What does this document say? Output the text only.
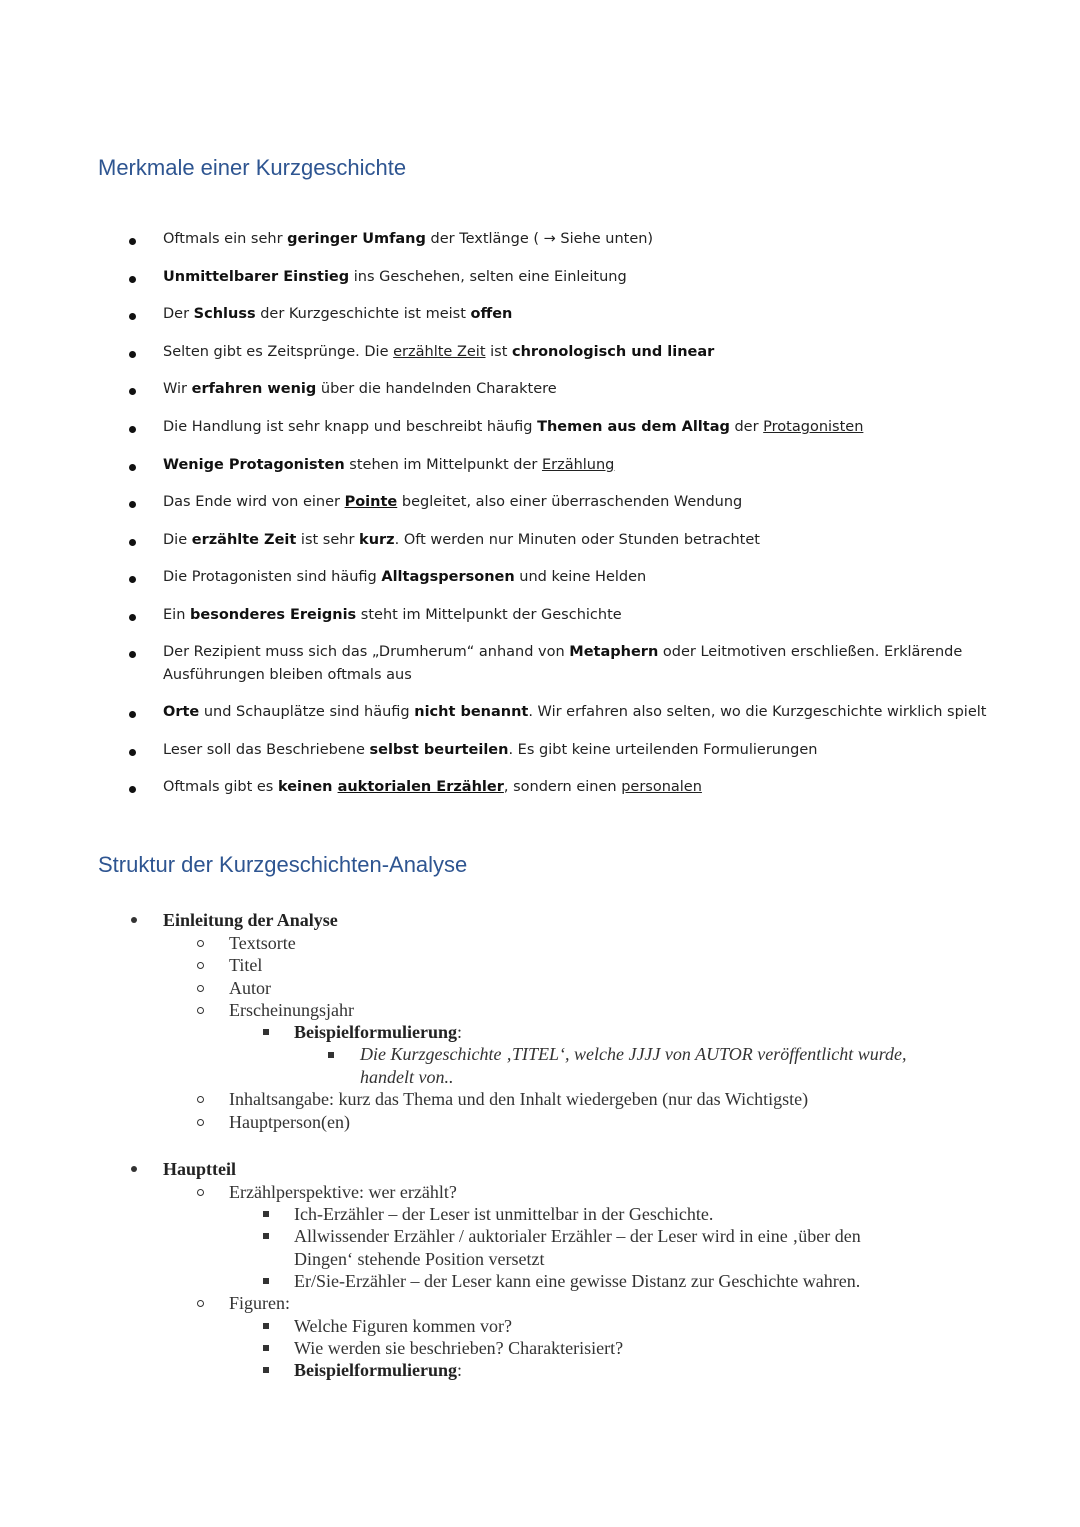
Merkmale einer Kurzgeschichte
Oftmals ein sehr geringer Umfang der Textlänge ( → Siehe unten)
Unmittelbarer Einstieg ins Geschehen, selten eine Einleitung
Der Schluss der Kurzgeschichte ist meist offen
Selten gibt es Zeitsprünge. Die erzählte Zeit ist chronologisch und linear
Wir erfahren wenig über die handelnden Charaktere
Die Handlung ist sehr knapp und beschreibt häufig Themen aus dem Alltag der Protagonisten
Wenige Protagonisten stehen im Mittelpunkt der Erzählung
Das Ende wird von einer Pointe begleitet, also einer überraschenden Wendung
Die erzählte Zeit ist sehr kurz. Oft werden nur Minuten oder Stunden betrachtet
Die Protagonisten sind häufig Alltagspersonen und keine Helden
Ein besonderes Ereignis steht im Mittelpunkt der Geschichte
Der Rezipient muss sich das „Drumherum“ anhand von Metaphern oder Leitmotiven erschließen. Erklärende Ausführungen bleiben oftmals aus
Orte und Schauplätze sind häufig nicht benannt. Wir erfahren also selten, wo die Kurzgeschichte wirklich spielt
Leser soll das Beschriebene selbst beurteilen. Es gibt keine urteilenden Formulierungen
Oftmals gibt es keinen auktorialen Erzähler, sondern einen personalen
Struktur der Kurzgeschichten-Analyse
Einleitung der Analyse
Textsorte
Titel
Autor
Erscheinungsjahr
Beispielformulierung:
Die Kurzgeschichte ‚TITEL‘, welche JJJJ von AUTOR veröffentlicht wurde,
handelt von..
Inhaltsangabe: kurz das Thema und den Inhalt wiedergeben (nur das Wichtigste)
Hauptperson(en)
Hauptteil
Erzählperspektive: wer erzählt?
Ich-Erzähler – der Leser ist unmittelbar in der Geschichte.
Allwissender Erzähler / auktorialer Erzähler – der Leser wird in eine ‚über den
Dingen‘ stehende Position versetzt
Er/Sie-Erzähler – der Leser kann eine gewisse Distanz zur Geschichte wahren.
Figuren:
Welche Figuren kommen vor?
Wie werden sie beschrieben? Charakterisiert?
Beispielformulierung:
